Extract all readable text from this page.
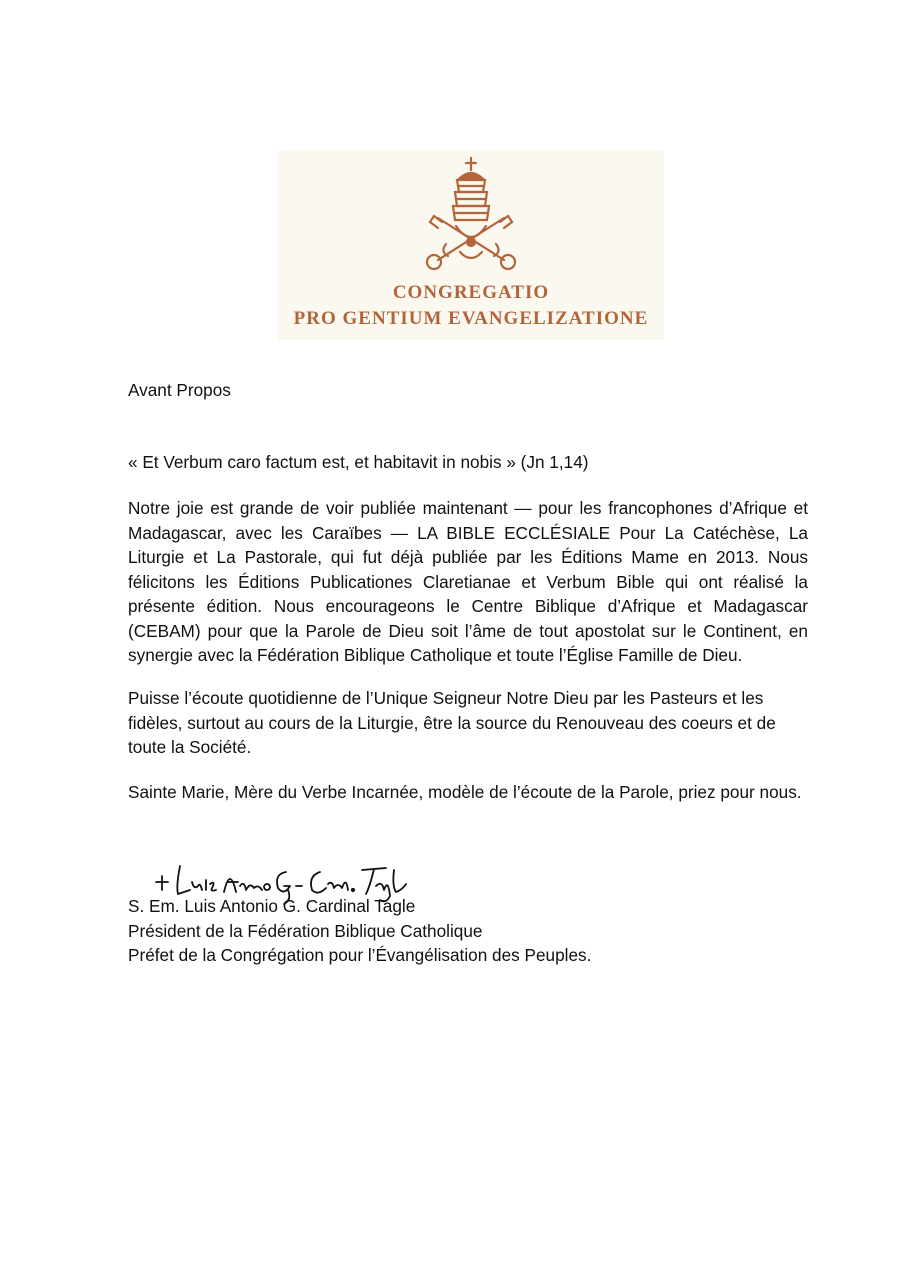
CONGREGATIO
PRO GENTIUM EVANGELIZATIONE

Avant Propos

« Et Verbum caro factum est, et habitavit in nobis » (Jn 1,14)

Notre joie est grande de voir publiée maintenant — pour les francophones d’Afrique et Madagascar, avec les Caraïbes — LA BIBLE ECCLÉSIALE Pour La Catéchèse, La Liturgie et La Pastorale, qui fut déjà publiée par les Éditions Mame en 2013. Nous félicitons les Éditions Publicationes Claretianae et Verbum Bible qui ont réalisé la présente édition. Nous encourageons le Centre Biblique d’Afrique et Madagascar (CEBAM) pour que la Parole de Dieu soit l’âme de tout apostolat sur le Continent, en synergie avec la Fédération Biblique Catholique et toute l’Église Famille de Dieu.

Puisse l’écoute quotidienne de l’Unique Seigneur Notre Dieu par les Pasteurs et les fidèles, surtout au cours de la Liturgie, être la source du Renouveau des coeurs et de toute la Société.

Sainte Marie, Mère du Verbe Incarnée, modèle de l’écoute de la Parole, priez pour nous.

S. Em. Luis Antonio G. Cardinal Tagle
Président de la Fédération Biblique Catholique
Préfet de la Congrégation pour l’Évangélisation des Peuples.
